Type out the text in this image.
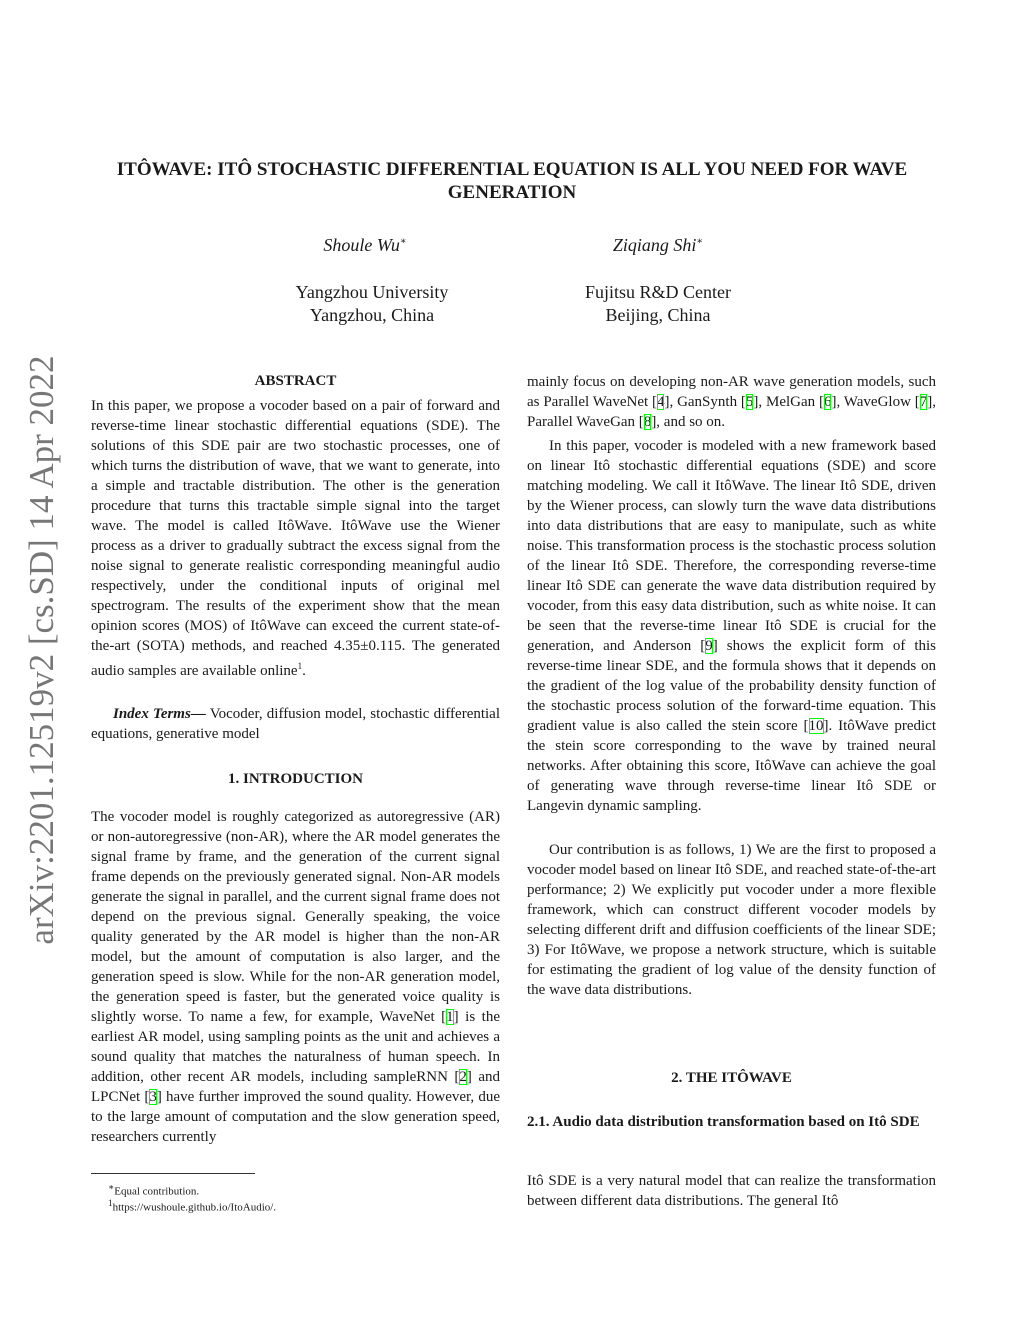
arXiv:2201.12519v2 [cs.SD] 14 Apr 2022
ITÔWAVE: ITÔ STOCHASTIC DIFFERENTIAL EQUATION IS ALL YOU NEED FOR WAVE GENERATION
Shoule Wu∗	Ziqiang Shi∗
Yangzhou University
Yangzhou, China
Fujitsu R&D Center
Beijing, China
ABSTRACT
In this paper, we propose a vocoder based on a pair of forward and reverse-time linear stochastic differential equations (SDE). The solutions of this SDE pair are two stochastic processes, one of which turns the distribution of wave, that we want to generate, into a simple and tractable distribution. The other is the generation procedure that turns this tractable simple signal into the target wave. The model is called ItôWave. ItôWave use the Wiener process as a driver to gradually subtract the excess signal from the noise signal to generate realistic corresponding meaningful audio respectively, under the conditional inputs of original mel spectrogram. The results of the experiment show that the mean opinion scores (MOS) of ItôWave can exceed the current state-of-the-art (SOTA) methods, and reached 4.35±0.115. The generated audio samples are available online$^1$.
Index Terms— Vocoder, diffusion model, stochastic differential equations, generative model
1. INTRODUCTION
The vocoder model is roughly categorized as autoregressive (AR) or non-autoregressive (non-AR), where the AR model generates the signal frame by frame, and the generation of the current signal frame depends on the previously generated signal. Non-AR models generate the signal in parallel, and the current signal frame does not depend on the previous signal. Generally speaking, the voice quality generated by the AR model is higher than the non-AR model, but the amount of computation is also larger, and the generation speed is slow. While for the non-AR generation model, the generation speed is faster, but the generated voice quality is slightly worse. To name a few, for example, WaveNet [1] is the earliest AR model, using sampling points as the unit and achieves a sound quality that matches the naturalness of human speech. In addition, other recent AR models, including sampleRNN [2] and LPCNet [3] have further improved the sound quality. However, due to the large amount of computation and the slow generation speed, researchers currently
∗Equal contribution.
$^1$https://wushoule.github.io/ItoAudio/.
mainly focus on developing non-AR wave generation models, such as Parallel WaveNet [4], GanSynth [5], MelGan [6], WaveGlow [7], Parallel WaveGan [8], and so on.
In this paper, vocoder is modeled with a new framework based on linear Itô stochastic differential equations (SDE) and score matching modeling. We call it ItôWave. The linear Itô SDE, driven by the Wiener process, can slowly turn the wave data distributions into data distributions that are easy to manipulate, such as white noise. This transformation process is the stochastic process solution of the linear Itô SDE. Therefore, the corresponding reverse-time linear Itô SDE can generate the wave data distribution required by vocoder, from this easy data distribution, such as white noise. It can be seen that the reverse-time linear Itô SDE is crucial for the generation, and Anderson [9] shows the explicit form of this reverse-time linear SDE, and the formula shows that it depends on the gradient of the log value of the probability density function of the stochastic process solution of the forward-time equation. This gradient value is also called the stein score [10]. ItôWave predict the stein score corresponding to the wave by trained neural networks. After obtaining this score, ItôWave can achieve the goal of generating wave through reverse-time linear Itô SDE or Langevin dynamic sampling.
Our contribution is as follows, 1) We are the first to proposed a vocoder model based on linear Itô SDE, and reached state-of-the-art performance; 2) We explicitly put vocoder under a more flexible framework, which can construct different vocoder models by selecting different drift and diffusion coefficients of the linear SDE; 3) For ItôWave, we propose a network structure, which is suitable for estimating the gradient of log value of the density function of the wave data distributions.
2. THE ITÔWAVE
2.1. Audio data distribution transformation based on Itô SDE
Itô SDE is a very natural model that can realize the transformation between different data distributions. The general Itô
